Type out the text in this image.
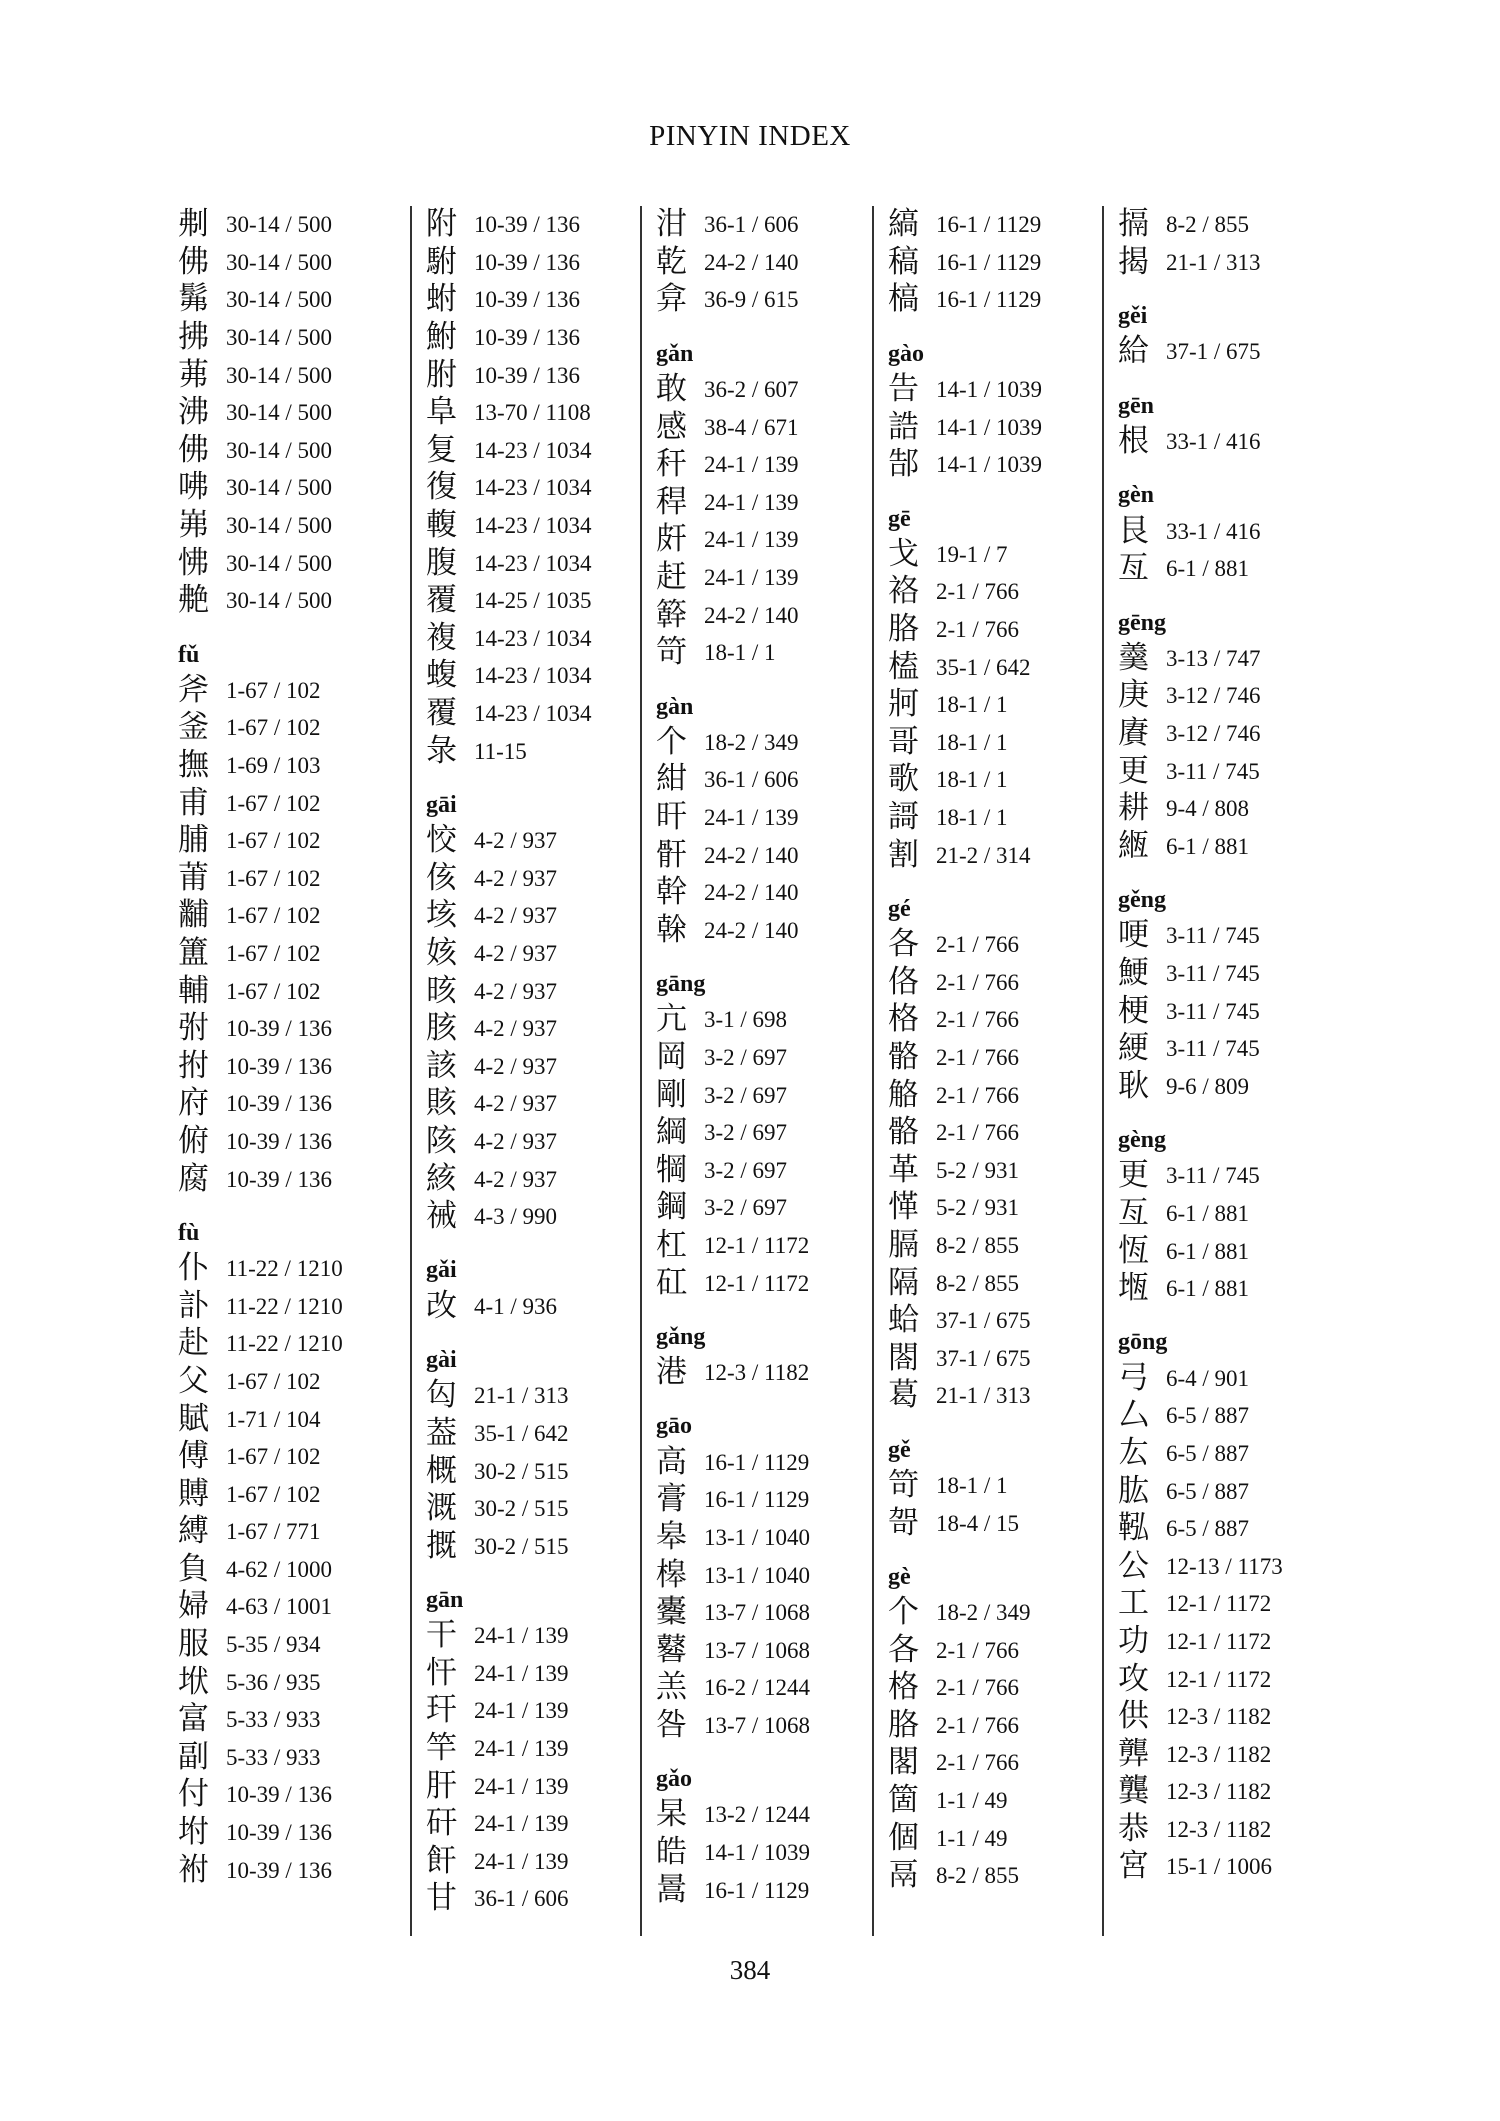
PINYIN INDEX
刜 30-14 / 500
佛 30-14 / 500
髴 30-14 / 500
拂 30-14 / 500
茀 30-14 / 500
沸 30-14 / 500
佛 30-14 / 500
咈 30-14 / 500
岪 30-14 / 500
怫 30-14 / 500
艴 30-14 / 500
fǔ
斧 1-67 / 102
釜 1-67 / 102
撫 1-69 / 103
甫 1-67 / 102
脯 1-67 / 102
莆 1-67 / 102
黼 1-67 / 102
簠 1-67 / 102
輔 1-67 / 102
弣 10-39 / 136
拊 10-39 / 136
府 10-39 / 136
俯 10-39 / 136
腐 10-39 / 136
fù
仆 11-22 / 1210
訃 11-22 / 1210
赴 11-22 / 1210
父 1-67 / 102
賦 1-71 / 104
傅 1-67 / 102
賻 1-67 / 102
縛 1-67 / 771
負 4-62 / 1000
婦 4-63 / 1001
服 5-35 / 934
垘 5-36 / 935
富 5-33 / 933
副 5-33 / 933
付 10-39 / 136
坿 10-39 / 136
袝 10-39 / 136
附 10-39 / 136
駙 10-39 / 136
蚹 10-39 / 136
鮒 10-39 / 136
胕 10-39 / 136
阜 13-70 / 1108
复 14-23 / 1034
復 14-23 / 1034
輹 14-23 / 1034
腹 14-23 / 1034
覆 14-25 / 1035
複 14-23 / 1034
蝮 14-23 / 1034
覆 14-23 / 1034
彔 11-15
gāi
恔 4-2 / 937
侅 4-2 / 937
垓 4-2 / 937
姟 4-2 / 937
晐 4-2 / 937
胲 4-2 / 937
該 4-2 / 937
賅 4-2 / 937
陔 4-2 / 937
絯 4-2 / 937
祴 4-3 / 990
gǎi
改 4-1 / 936
gài
匃 21-1 / 313
葢 35-1 / 642
概 30-2 / 515
溉 30-2 / 515
摡 30-2 / 515
gān
干 24-1 / 139
忓 24-1 / 139
玕 24-1 / 139
竿 24-1 / 139
肝 24-1 / 139
矸 24-1 / 139
飦 24-1 / 139
甘 36-1 / 606
泔 36-1 / 606
乾 24-2 / 140
弇 36-9 / 615
gǎn
敢 36-2 / 607
感 38-4 / 671
秆 24-1 / 139
稈 24-1 / 139
皯 24-1 / 139
赶 24-1 / 139
簳 24-2 / 140
笴 18-1 / 1
gàn
个 18-2 / 349
紺 36-1 / 606
旰 24-1 / 139
骭 24-2 / 140
幹 24-2 / 140
榦 24-2 / 140
gāng
亢 3-1 / 698
岡 3-2 / 697
剛 3-2 / 697
綱 3-2 / 697
犅 3-2 / 697
鋼 3-2 / 697
杠 12-1 / 1172
矼 12-1 / 1172
gǎng
港 12-3 / 1182
gāo
高 16-1 / 1129
膏 16-1 / 1129
皋 13-1 / 1040
槔 13-1 / 1040
櫜 13-7 / 1068
鼛 13-7 / 1068
羔 16-2 / 1244
咎 13-7 / 1068
gǎo
杲 13-2 / 1244
皓 14-1 / 1039
暠 16-1 / 1129
縞 16-1 / 1129
稿 16-1 / 1129
槁 16-1 / 1129
gào
告 14-1 / 1039
誥 14-1 / 1039
郜 14-1 / 1039
gē
戈 19-1 / 7
袼 2-1 / 766
胳 2-1 / 766
榼 35-1 / 642
牁 18-1 / 1
哥 18-1 / 1
歌 18-1 / 1
謌 18-1 / 1
割 21-2 / 314
gé
各 2-1 / 766
佫 2-1 / 766
格 2-1 / 766
骼 2-1 / 766
觡 2-1 / 766
骼 2-1 / 766
革 5-2 / 931
愅 5-2 / 931
膈 8-2 / 855
隔 8-2 / 855
蛤 37-1 / 675
閤 37-1 / 675
葛 21-1 / 313
gě
笴 18-1 / 1
哿 18-4 / 15
gè
个 18-2 / 349
各 2-1 / 766
格 2-1 / 766
胳 2-1 / 766
閣 2-1 / 766
箇 1-1 / 49
個 1-1 / 49
鬲 8-2 / 855
搹 8-2 / 855
揭 21-1 / 313
gěi
給 37-1 / 675
gēn
根 33-1 / 416
gèn
艮 33-1 / 416
亙 6-1 / 881
gēng
羹 3-13 / 747
庚 3-12 / 746
賡 3-12 / 746
更 3-11 / 745
耕 9-4 / 808
緪 6-1 / 881
gěng
哽 3-11 / 745
鯁 3-11 / 745
梗 3-11 / 745
綆 3-11 / 745
耿 9-6 / 809
gèng
更 3-11 / 745
亙 6-1 / 881
恆 6-1 / 881
堩 6-1 / 881
gōng
弓 6-4 / 901
厶 6-5 / 887
厷 6-5 / 887
肱 6-5 / 887
鞃 6-5 / 887
公 12-13 / 1173
工 12-1 / 1172
功 12-1 / 1172
攻 12-1 / 1172
供 12-3 / 1182
龏 12-3 / 1182
龔 12-3 / 1182
恭 12-3 / 1182
宮 15-1 / 1006
384
